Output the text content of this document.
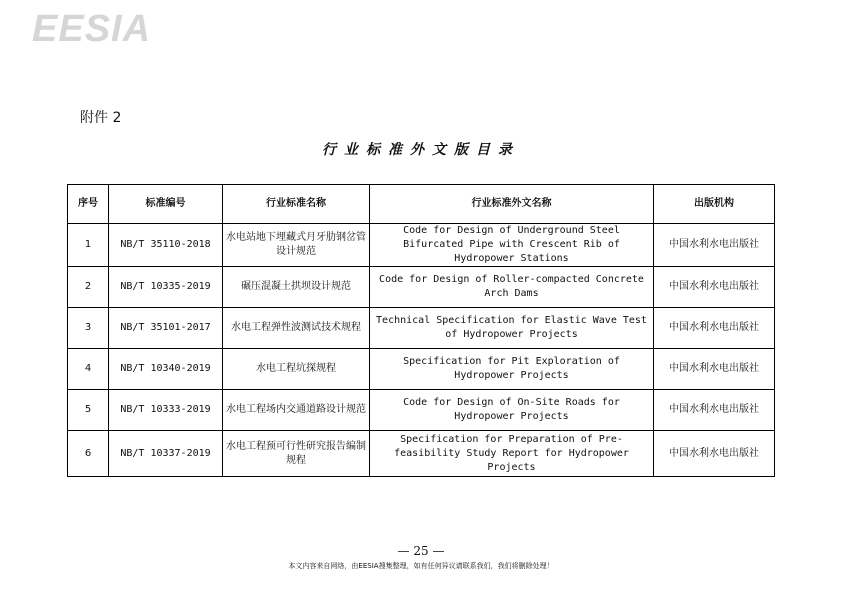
EESIA
附件 2
行业标准外文版目录
序号	标准编号	行业标准名称	行业标准外文名称	出版机构
1	NB/T 35110-2018	水电站地下埋藏式月牙肋钢岔管设计规范	Code for Design of Underground Steel Bifurcated Pipe with Crescent Rib of Hydropower Stations	中国水利水电出版社
2	NB/T 10335-2019	碾压混凝土拱坝设计规范	Code for Design of Roller-compacted Concrete Arch Dams	中国水利水电出版社
3	NB/T 35101-2017	水电工程弹性波测试技术规程	Technical Specification for Elastic Wave Test of Hydropower Projects	中国水利水电出版社
4	NB/T 10340-2019	水电工程坑探规程	Specification for Pit Exploration of Hydropower Projects	中国水利水电出版社
5	NB/T 10333-2019	水电工程场内交通道路设计规范	Code for Design of On-Site Roads for Hydropower Projects	中国水利水电出版社
6	NB/T 10337-2019	水电工程预可行性研究报告编制规程	Specification for Preparation of Pre-feasibility Study Report for Hydropower Projects	中国水利水电出版社
— 25 —
本文内容来自网络，由EESIA搜集整理，如有任何异议请联系我们，我们将删除处理！
